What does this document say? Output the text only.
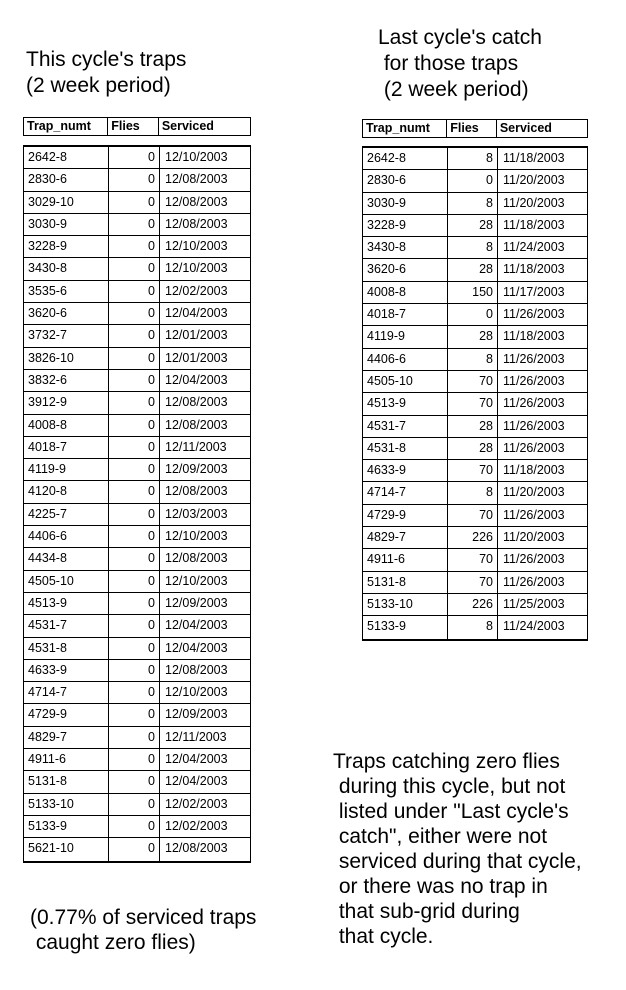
This cycle's traps
(2 week period)
Last cycle's catch
for those traps
(2 week period)
Trap_numt	Flies	Serviced
2642-8	0 12/10/2003
2830-6	0 12/08/2003
3029-10	0 12/08/2003
3030-9	0 12/08/2003
3228-9	0 12/10/2003
3430-8	0 12/10/2003
3535-6	0 12/02/2003
3620-6	0 12/04/2003
3732-7	0 12/01/2003
3826-10	0 12/01/2003
3832-6	0 12/04/2003
3912-9	0 12/08/2003
4008-8	0 12/08/2003
4018-7	0 12/11/2003
4119-9	0 12/09/2003
4120-8	0 12/08/2003
4225-7	0 12/03/2003
4406-6	0 12/10/2003
4434-8	0 12/08/2003
4505-10	0 12/10/2003
4513-9	0 12/09/2003
4531-7	0 12/04/2003
4531-8	0 12/04/2003
4633-9	0 12/08/2003
4714-7	0 12/10/2003
4729-9	0 12/09/2003
4829-7	0 12/11/2003
4911-6	0 12/04/2003
5131-8	0 12/04/2003
5133-10	0 12/02/2003
5133-9	0 12/02/2003
5621-10	0 12/08/2003
Trap_numt	Flies	Serviced
2642-8	8 11/18/2003
2830-6	0 11/20/2003
3030-9	8 11/20/2003
3228-9	28 11/18/2003
3430-8	8 11/24/2003
3620-6	28 11/18/2003
4008-8	150 11/17/2003
4018-7	0 11/26/2003
4119-9	28 11/18/2003
4406-6	8 11/26/2003
4505-10	70 11/26/2003
4513-9	70 11/26/2003
4531-7	28 11/26/2003
4531-8	28 11/26/2003
4633-9	70 11/18/2003
4714-7	8 11/20/2003
4729-9	70 11/26/2003
4829-7	226 11/20/2003
4911-6	70 11/26/2003
5131-8	70 11/26/2003
5133-10	226 11/25/2003
5133-9	8 11/24/2003
Traps catching zero flies
during this cycle, but not
listed under "Last cycle's
catch", either were not
serviced during that cycle,
or there was no trap in
that sub-grid during
that cycle.
(0.77% of serviced traps
caught zero flies)
